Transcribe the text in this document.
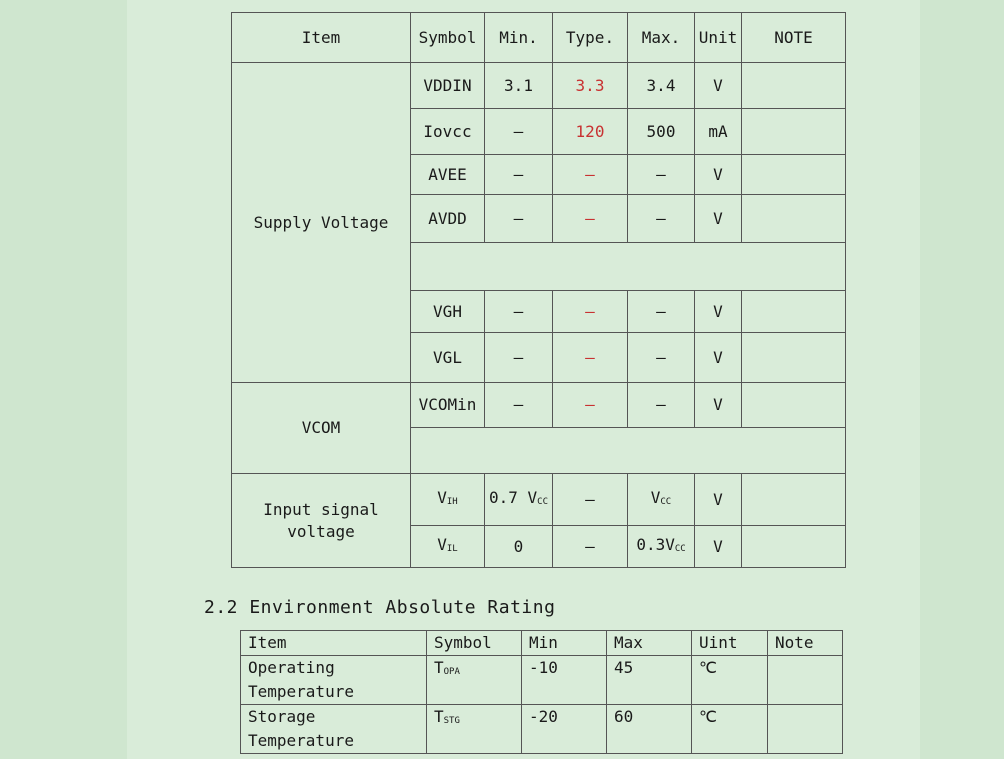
Item	Symbol	Min.	Type.	Max.	Unit	NOTE
Supply Voltage	VDDIN	3.1	3.3	3.4	V	
	Iovcc	–	120	500	mA	
	AVEE	–	–	–	V	
	AVDD	–	–	–	V	

	VGH	–	–	–	V	
	VGL	–	–	–	V	
VCOM	VCOMin	–	–	–	V	

Input signal voltage	VIH	0.7 VCC	–	VCC	V	
	VIL	0	–	0.3VCC	V	
2.2 Environment Absolute Rating
Item	Symbol	Min	Max	Uint	Note
Operating
Temperature	TOPA	-10	45	℃	
Storage
Temperature	TSTG	-20	60	℃	
